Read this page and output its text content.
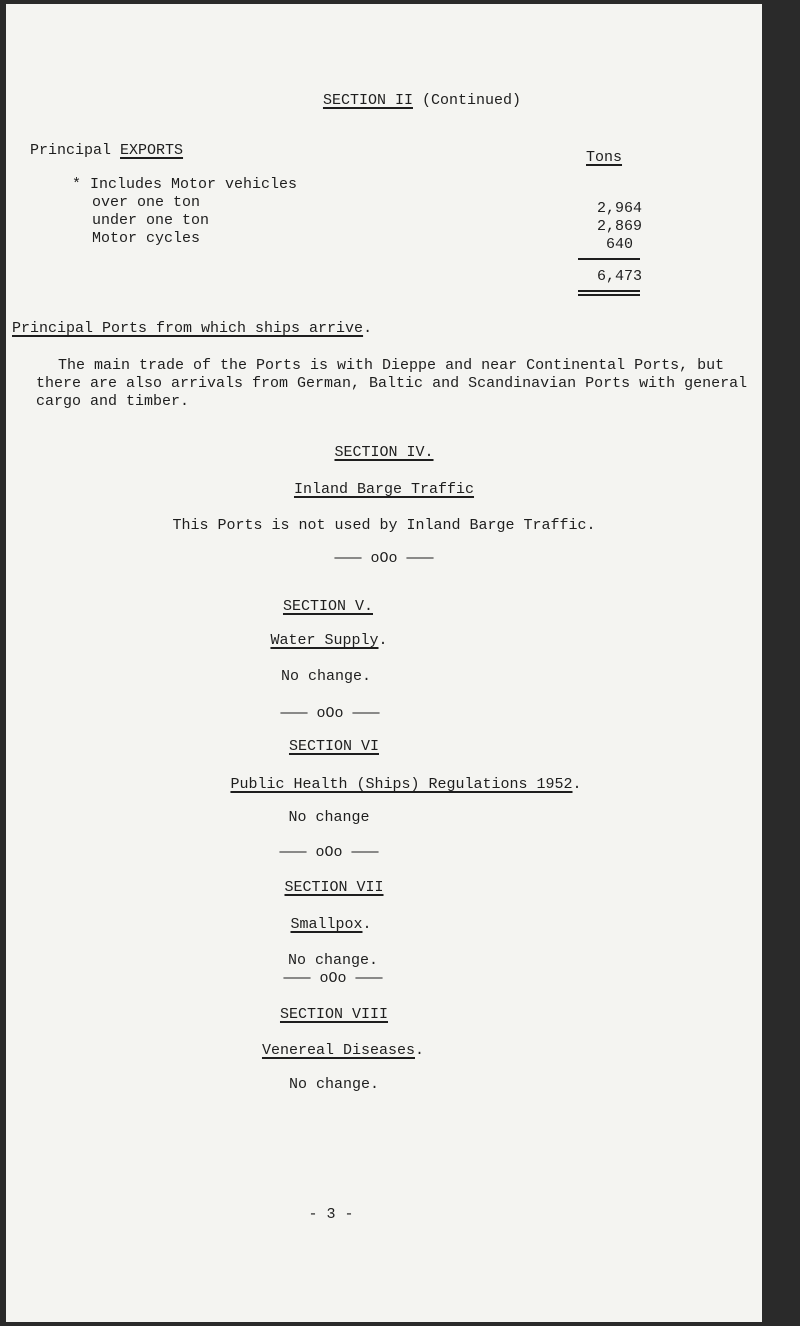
SECTION II (Continued)
Principal EXPORTS	Tons
* Includes Motor vehicles
over one ton
under one ton
Motor cycles
2,964
2,869
640
6,473
Principal Ports from which ships arrive.
The main trade of the Ports is with Dieppe and near Continental Ports, but
there are also arrivals from German, Baltic and Scandinavian Ports with general
cargo and timber.
SECTION IV.
Inland Barge Traffic
This Ports is not used by Inland Barge Traffic.
——— oOo ———
SECTION V.
Water Supply.
No change.
——— oOo ———
SECTION VI
Public Health (Ships) Regulations 1952.
No change
——— oOo ———
SECTION VII
Smallpox.
No change.
——— oOo ———
SECTION VIII
Venereal Diseases.
No change.
- 3 -
